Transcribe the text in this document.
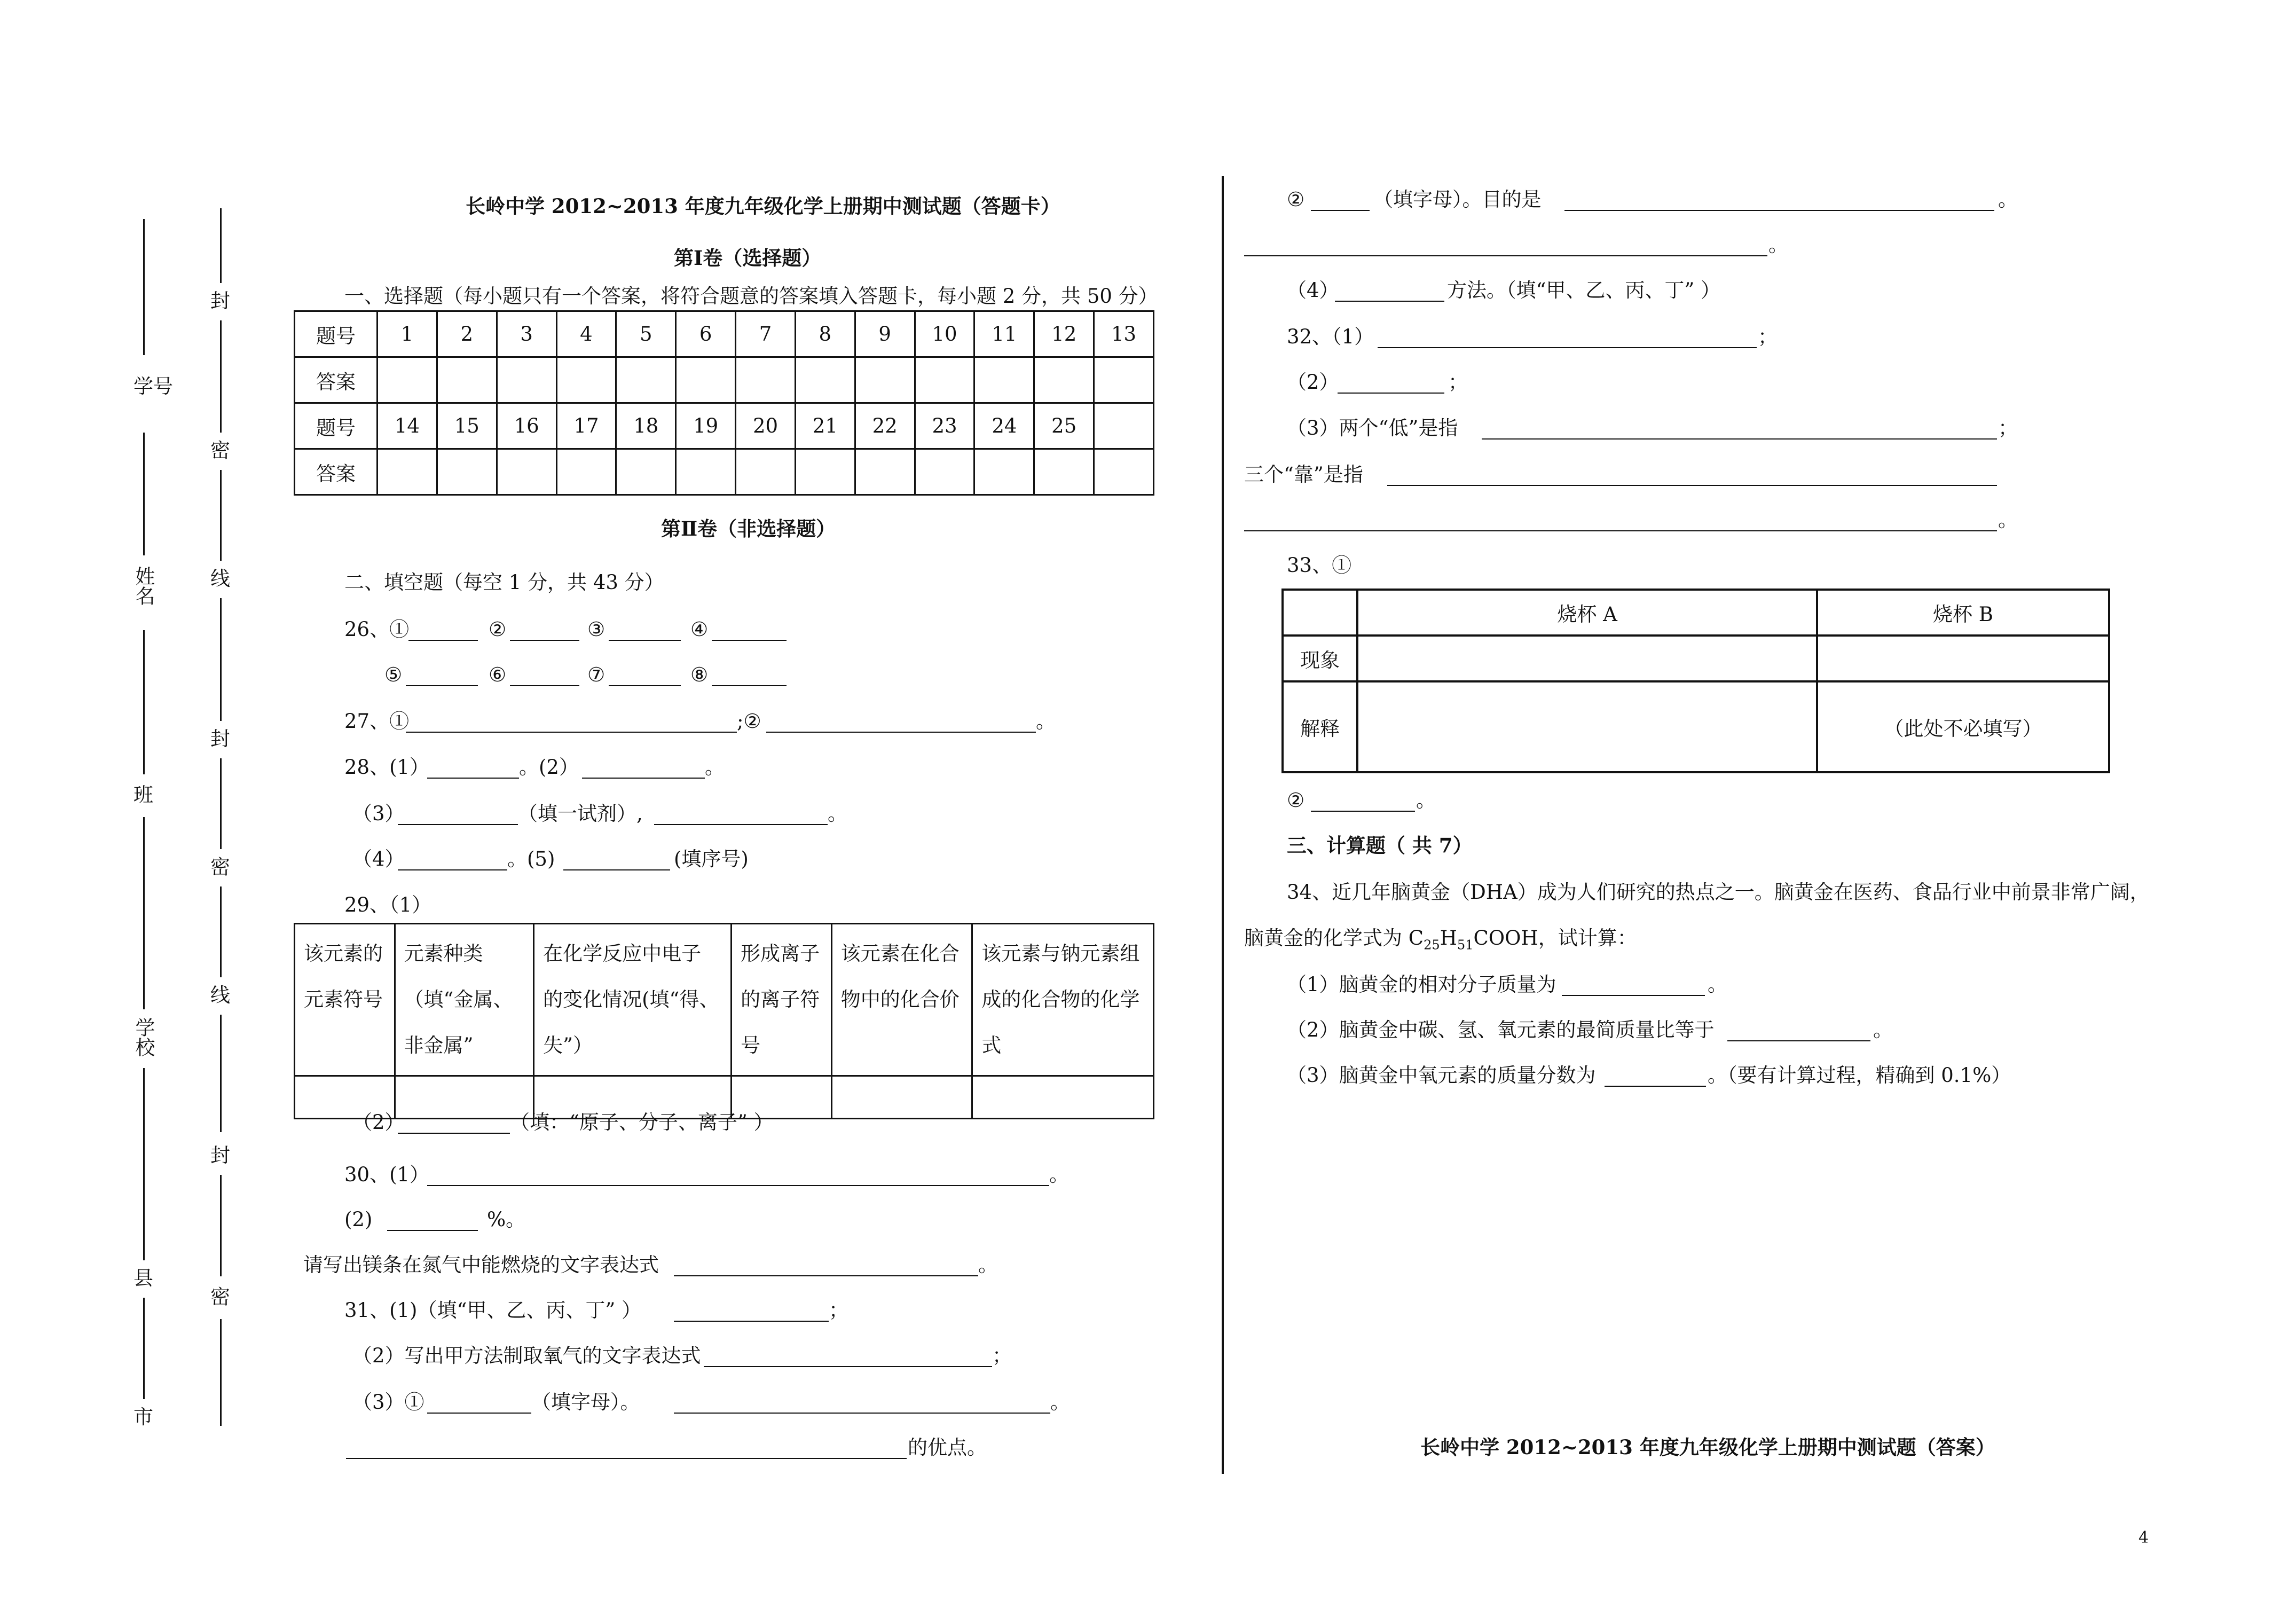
学号
姓名
班
学校
县
市
封
密
线
封
密
线
封
密
长岭中学 2012~2013 年度九年级化学上册期中测试题（答题卡）
第Ⅰ卷（选择题）
一、选择题（每小题只有一个答案，将符合题意的答案填入答题卡，每小题 2 分，共 50 分）
题号	1	2	3	4	5	6	7	8	9	10	11	12	13
答案													
题号	14	15	16	17	18	19	20	21	22	23	24	25	
答案													
第Ⅱ卷（非选择题）
二、填空题（每空 1 分，共 43 分）
26、①	②	③	④
⑤	⑥	⑦	⑧
27、①	;②	。
28、(1）	。(2）	。
（3）	（填一试剂）,	。
（4）	。(5)	(填序号)
29、（1）
该元素的元素符号	元素种类（填“金属、非金属”	在化学反应中电子的变化情况(填“得、失”）	形成离子的离子符号	该元素在化合物中的化合价	该元素与钠元素组成的化合物的化学式

（2）	（填：“原子、分子、离子” ）
30、(1）	。
(2)	%。
请写出镁条在氮气中能燃烧的文字表达式	。
31、(1)（填“甲、乙、丙、丁” ）	；
（2）写出甲方法制取氧气的文字表达式	；
（3）①	（填字母）。	。
的优点。
②	（填字母）。目的是	。
。
（4）	方法。（填“甲、乙、丙、丁” ）
32、（1）	；
（2）	；
（3）两个“低”是指	；
三个“靠”是指
。
33、①
	烧杯 A	烧杯 B
现象		
解释		（此处不必填写）
②	。
三、计算题（ 共 7）
34、近几年脑黄金（DHA）成为人们研究的热点之一。脑黄金在医药、食品行业中前景非常广阔，
脑黄金的化学式为 $C_{25}H_{51}COOH$，试计算：
（1）脑黄金的相对分子质量为	。
（2）脑黄金中碳、氢、氧元素的最简质量比等于	。
（3）脑黄金中氧元素的质量分数为	。（要有计算过程，精确到 0.1%）
长岭中学 2012~2013 年度九年级化学上册期中测试题（答案）
4
